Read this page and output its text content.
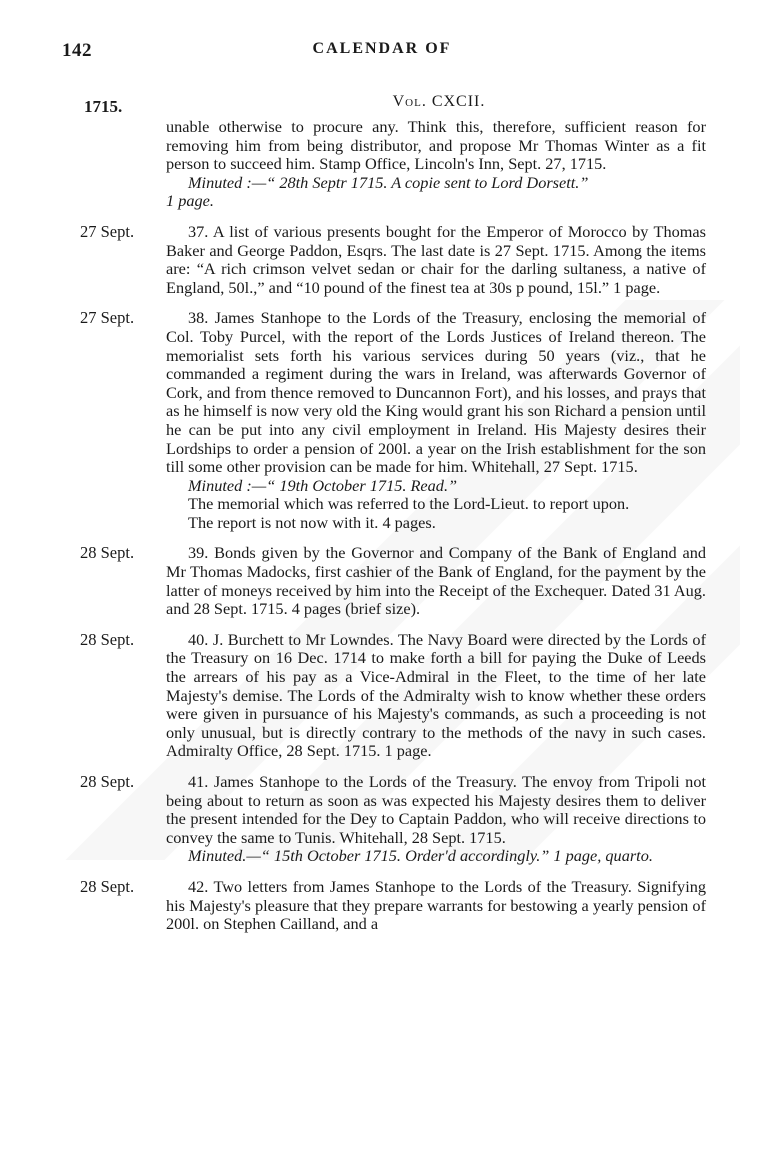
142	CALENDAR OF
1715.	Vol. CXCII.

unable otherwise to procure any. Think this, therefore, sufficient reason for removing him from being distributor, and propose Mr Thomas Winter as a fit person to succeed him. Stamp Office, Lincoln's Inn, Sept. 27, 1715.

Minuted :—“ 28th Septr 1715. A copie sent to Lord Dorsett.”

1 page.

27 Sept.	37. A list of various presents bought for the Emperor of Morocco by Thomas Baker and George Paddon, Esqrs. The last date is 27 Sept. 1715. Among the items are: “A rich crimson velvet sedan or chair for the darling sultaness, a native of England, 50l.,” and “10 pound of the finest tea at 30s p pound, 15l.” 1 page.

27 Sept.	38. James Stanhope to the Lords of the Treasury, enclosing the memorial of Col. Toby Purcel, with the report of the Lords Justices of Ireland thereon. The memorialist sets forth his various services during 50 years (viz., that he commanded a regiment during the wars in Ireland, was afterwards Governor of Cork, and from thence removed to Duncannon Fort), and his losses, and prays that as he himself is now very old the King would grant his son Richard a pension until he can be put into any civil employment in Ireland. His Majesty desires their Lordships to order a pension of 200l. a year on the Irish establishment for the son till some other provision can be made for him. Whitehall, 27 Sept. 1715.

Minuted :—“ 19th October 1715. Read.”

The memorial which was referred to the Lord-Lieut. to report upon.

The report is not now with it. 4 pages.

28 Sept.	39. Bonds given by the Governor and Company of the Bank of England and Mr Thomas Madocks, first cashier of the Bank of England, for the payment by the latter of moneys received by him into the Receipt of the Exchequer. Dated 31 Aug. and 28 Sept. 1715. 4 pages (brief size).

28 Sept.	40. J. Burchett to Mr Lowndes. The Navy Board were directed by the Lords of the Treasury on 16 Dec. 1714 to make forth a bill for paying the Duke of Leeds the arrears of his pay as a Vice-Admiral in the Fleet, to the time of her late Majesty's demise. The Lords of the Admiralty wish to know whether these orders were given in pursuance of his Majesty's commands, as such a proceeding is not only unusual, but is directly contrary to the methods of the navy in such cases. Admiralty Office, 28 Sept. 1715. 1 page.

28 Sept.	41. James Stanhope to the Lords of the Treasury. The envoy from Tripoli not being about to return as soon as was expected his Majesty desires them to deliver the present intended for the Dey to Captain Paddon, who will receive directions to convey the same to Tunis. Whitehall, 28 Sept. 1715.

Minuted.—“ 15th October 1715. Order'd accordingly.” 1 page, quarto.

28 Sept.	42. Two letters from James Stanhope to the Lords of the Treasury. Signifying his Majesty's pleasure that they prepare warrants for bestowing a yearly pension of 200l. on Stephen Cailland, and a
